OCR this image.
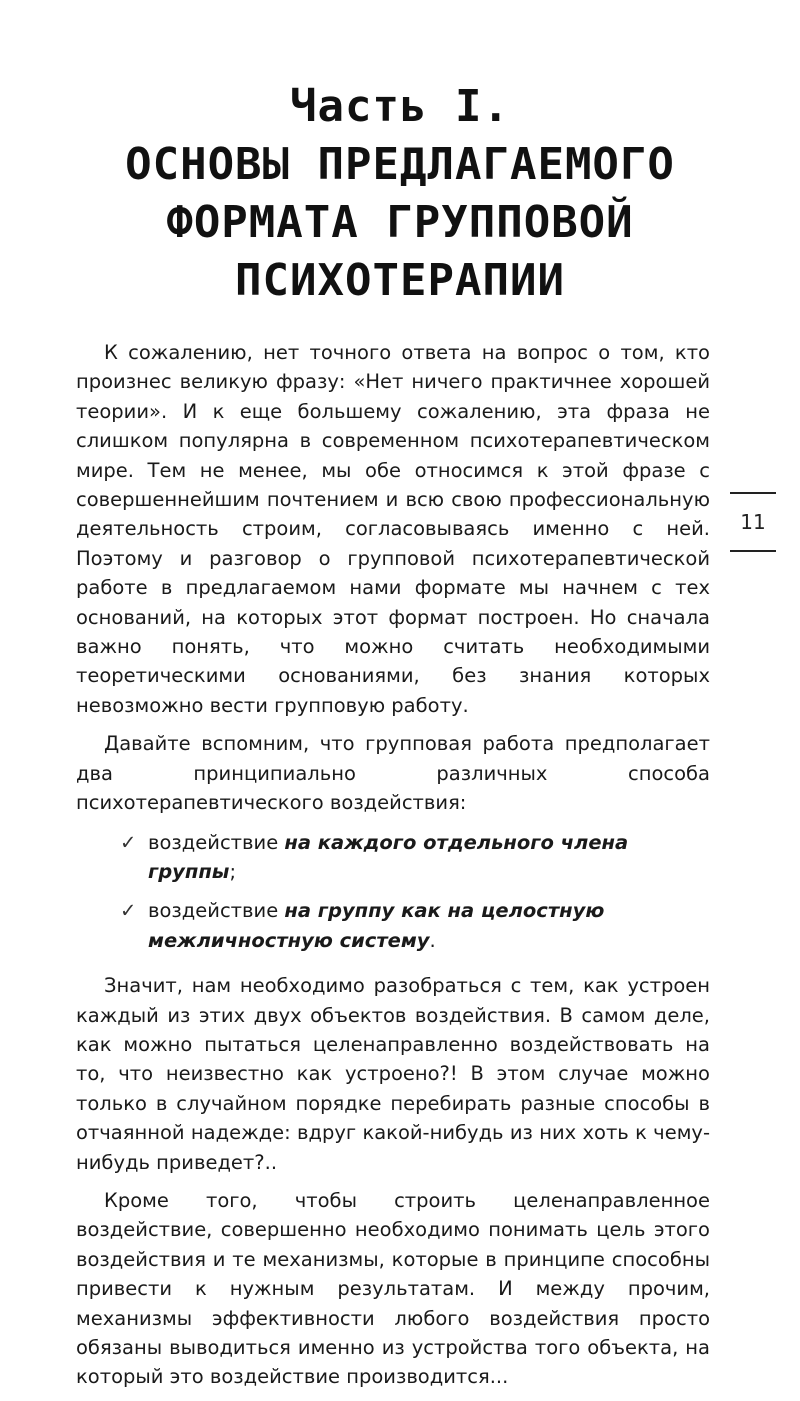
Часть I.
ОСНОВЫ ПРЕДЛАГАЕМОГО
ФОРМАТА ГРУППОВОЙ
ПСИХОТЕРАПИИ

К сожалению, нет точного ответа на вопрос о том, кто произнес великую фразу: «Нет ничего практичнее хорошей теории». И к еще большему сожалению, эта фраза не слишком популярна в современном психотерапевтическом мире. Тем не менее, мы обе относимся к этой фразе с совершеннейшим почтением и всю свою профессиональную деятельность строим, согласовываясь именно с ней. Поэтому и разговор о групповой психотерапевтической работе в предлагаемом нами формате мы начнем с тех оснований, на которых этот формат построен. Но сначала важно понять, что можно считать необходимыми теоретическими основаниями, без знания которых невозможно вести групповую работу.

Давайте вспомним, что групповая работа предполагает два принципиально различных способа психотерапевтического воздействия:

✓ воздействие на каждого отдельного члена группы;
✓ воздействие на группу как на целостную межличностную систему.

Значит, нам необходимо разобраться с тем, как устроен каждый из этих двух объектов воздействия. В самом деле, как можно пытаться целенаправленно воздействовать на то, что неизвестно как устроено?! В этом случае можно только в случайном порядке перебирать разные способы в отчаянной надежде: вдруг какой-нибудь из них хоть к чему-нибудь приведет?..

Кроме того, чтобы строить целенаправленное воздействие, совершенно необходимо понимать цель этого воздействия и те механизмы, которые в принципе способны привести к нужным результатам. И между прочим, механизмы эффективности любого воздействия просто обязаны выводиться именно из устройства того объекта, на который это воздействие производится...

11
